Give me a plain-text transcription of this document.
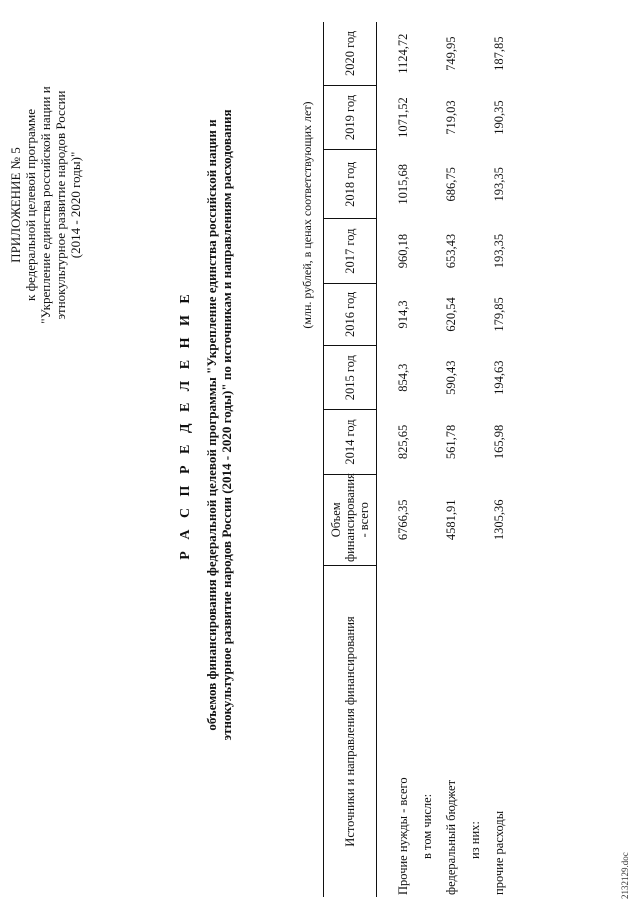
ПРИЛОЖЕНИЕ № 5 к федеральной целевой программе "Укрепление единства российской нации и этнокультурное развитие народов России (2014 - 2020 годы)"
Р А С П Р Е Д Е Л Е Н И Е объемов финансирования федеральной целевой программы "Укрепление единства российской нации и этнокультурное развитие народов России (2014 - 2020 годы)" по источникам и направлениям расходования	(млн. рублей, в ценах соответствующих лет)
Источники и направления финансирования	Объем финансирования - всего	2014 год	2015 год	2016 год	2017 год	2018 год	2019 год	2020 год
Прочие нужды - всего	6766,35	825,65	854,3	914,3	960,18	1015,68	1071,52	1124,72
в том числе:								
федеральный бюджет	4581,91	561,78	590,43	620,54	653,43	686,75	719,03	749,95
из них:								
прочие расходы	1305,36	165,98	194,63	179,85	193,35	193,35	190,35	187,85
2132129.doc
